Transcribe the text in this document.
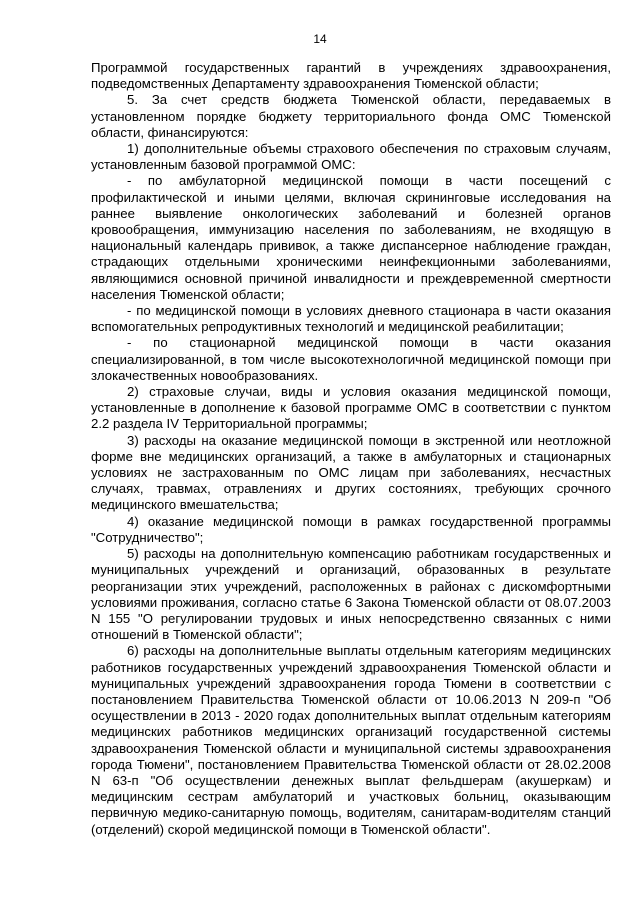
14

Программой государственных гарантий в учреждениях здравоохранения, подведомственных Департаменту здравоохранения Тюменской области;

5. За счет средств бюджета Тюменской области, передаваемых в установленном порядке бюджету территориального фонда ОМС Тюменской области, финансируются:

1) дополнительные объемы страхового обеспечения по страховым случаям, установленным базовой программой ОМС:

- по амбулаторной медицинской помощи в части посещений с профилактической и иными целями, включая скрининговые исследования на раннее выявление онкологических заболеваний и болезней органов кровообращения, иммунизацию населения по заболеваниям, не входящую в национальный календарь прививок, а также диспансерное наблюдение граждан, страдающих отдельными хроническими неинфекционными заболеваниями, являющимися основной причиной инвалидности и преждевременной смертности населения Тюменской области;

- по медицинской помощи в условиях дневного стационара в части оказания вспомогательных репродуктивных технологий и медицинской реабилитации;

- по стационарной медицинской помощи в части оказания специализированной, в том числе высокотехнологичной медицинской помощи при злокачественных новообразованиях.

2) страховые случаи, виды и условия оказания медицинской помощи, установленные в дополнение к базовой программе ОМС в соответствии с пунктом 2.2 раздела IV Территориальной программы;

3) расходы на оказание медицинской помощи в экстренной или неотложной форме вне медицинских организаций, а также в амбулаторных и стационарных условиях не застрахованным по ОМС лицам при заболеваниях, несчастных случаях, травмах, отравлениях и других состояниях, требующих срочного медицинского вмешательства;

4) оказание медицинской помощи в рамках государственной программы "Сотрудничество";

5) расходы на дополнительную компенсацию работникам государственных и муниципальных учреждений и организаций, образованных в результате реорганизации этих учреждений, расположенных в районах с дискомфортными условиями проживания, согласно статье 6 Закона Тюменской области от 08.07.2003 N 155 "О регулировании трудовых и иных непосредственно связанных с ними отношений в Тюменской области";

6) расходы на дополнительные выплаты отдельным категориям медицинских работников государственных учреждений здравоохранения Тюменской области и муниципальных учреждений здравоохранения города Тюмени в соответствии с постановлением Правительства Тюменской области от 10.06.2013 N 209-п "Об осуществлении в 2013 - 2020 годах дополнительных выплат отдельным категориям медицинских работников медицинских организаций государственной системы здравоохранения Тюменской области и муниципальной системы здравоохранения города Тюмени", постановлением Правительства Тюменской области от 28.02.2008 N 63-п "Об осуществлении денежных выплат фельдшерам (акушеркам) и медицинским сестрам амбулаторий и участковых больниц, оказывающим первичную медико-санитарную помощь, водителям, санитарам-водителям станций (отделений) скорой медицинской помощи в Тюменской области".
